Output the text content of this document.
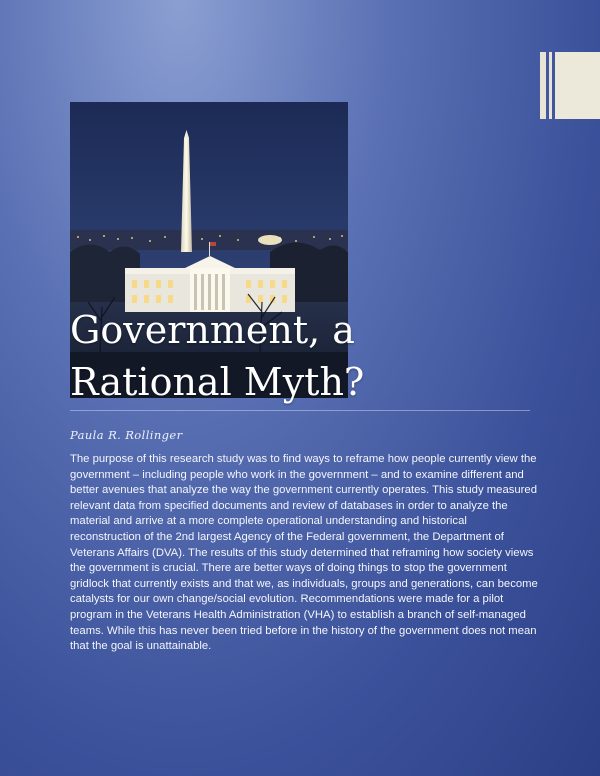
Government, a
Rational Myth?
Paula R. Rollinger

The purpose of this research study was to find ways to reframe how people currently view the government – including people who work in the government – and to examine different and better avenues that analyze the way the government currently operates. This study measured relevant data from specified documents and review of databases in order to analyze the material and arrive at a more complete operational understanding and historical reconstruction of the 2nd largest Agency of the Federal government, the Department of Veterans Affairs (DVA). The results of this study determined that reframing how society views the government is crucial. There are better ways of doing things to stop the government gridlock that currently exists and that we, as individuals, groups and generations, can become catalysts for our own change/social evolution. Recommendations were made for a pilot program in the Veterans Health Administration (VHA) to establish a branch of self-managed teams. While this has never been tried before in the history of the government does not mean that the goal is unattainable.
